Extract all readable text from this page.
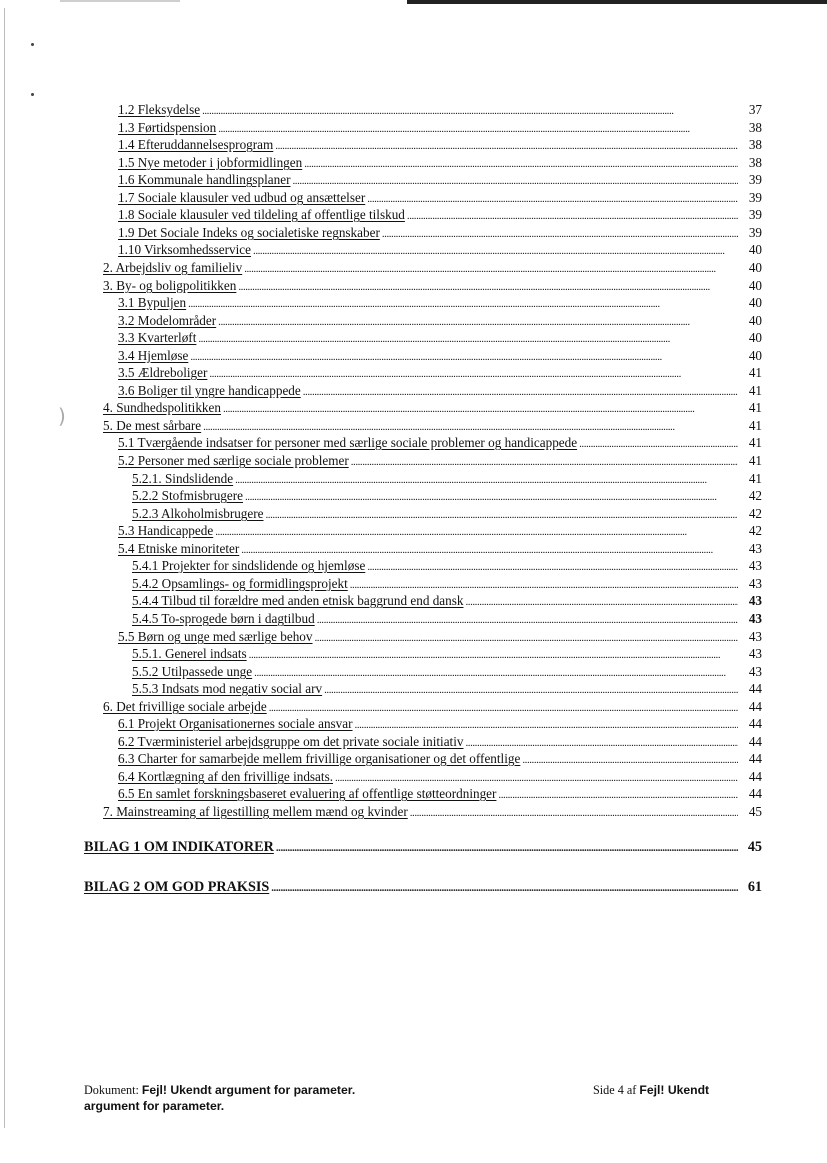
)
1.2 Fleksydelse . . .	37
1.3 Førtidspension . . .	38
1.4 Efteruddannelsesprogram . . .	38
1.5 Nye metoder i jobformidlingen . . .	38
1.6 Kommunale handlingsplaner . . .	39
1.7 Sociale klausuler ved udbud og ansættelser . . .	39
1.8 Sociale klausuler ved tildeling af offentlige tilskud . . .	39
1.9 Det Sociale Indeks og socialetiske regnskaber . . .	39
1.10 Virksomhedsservice . . .	40
2. Arbejdsliv og familieliv . . .	40
3. By- og boligpolitikken . . .	40
3.1 Bypuljen . . .	40
3.2 Modelområder . . .	40
3.3 Kvarterløft . . .	40
3.4 Hjemløse . . .	40
3.5 Ældreboliger . . .	41
3.6 Boliger til yngre handicappede . . .	41
4. Sundhedspolitikken . . .	41
5. De mest sårbare . . .	41
5.1 Tværgående indsatser for personer med særlige sociale problemer og handicappede . . .	41
5.2 Personer med særlige sociale problemer . . .	41
5.2.1. Sindslidende . . .	41
5.2.2 Stofmisbrugere . . .	42
5.2.3 Alkoholmisbrugere . . .	42
5.3 Handicappede . . .	42
5.4 Etniske minoriteter . . .	43
5.4.1 Projekter for sindslidende og hjemløse . . .	43
5.4.2 Opsamlings- og formidlingsprojekt . . .	43
5.4.4 Tilbud til forældre med anden etnisk baggrund end dansk . . .	43
5.4.5 To-sprogede børn i dagtilbud . . .	43
5.5 Børn og unge med særlige behov . . .	43
5.5.1. Generel indsats . . .	43
5.5.2 Utilpassede unge . . .	43
5.5.3 Indsats mod negativ social arv . . .	44
6. Det frivillige sociale arbejde . . .	44
6.1 Projekt Organisationernes sociale ansvar . . .	44
6.2 Tværministeriel arbejdsgruppe om det private sociale initiativ . . .	44
6.3 Charter for samarbejde mellem frivillige organisationer og det offentlige . . .	44
6.4 Kortlægning af den frivillige indsats. . . .	44
6.5 En samlet forskningsbaseret evaluering af offentlige støtteordninger . . .	44
7. Mainstreaming af ligestilling mellem mænd og kvinder . . .	45
BILAG 1 OM INDIKATORER . . .	45
BILAG 2 OM GOD PRAKSIS . . .	61
Dokument: Fejl! Ukendt argument for parameter.
argument for parameter.
Side 4 af Fejl! Ukendt
